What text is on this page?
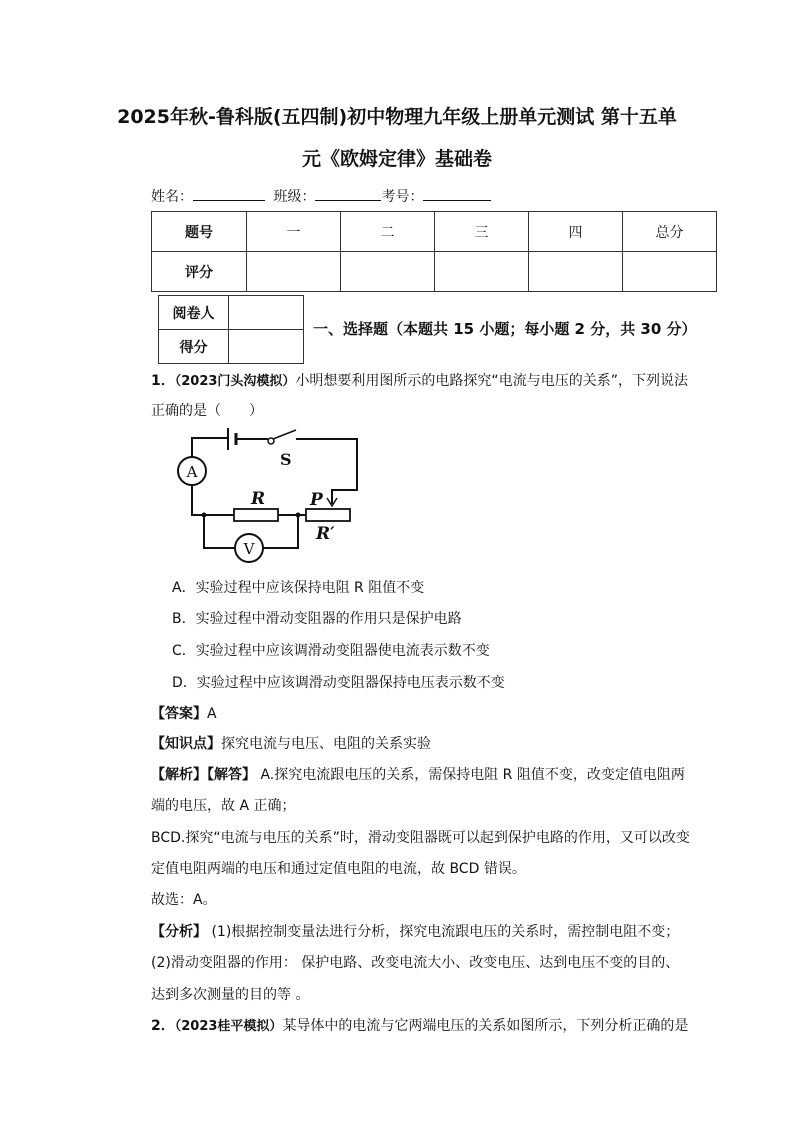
2025年秋-鲁科版(五四制)初中物理九年级上册单元测试 第十五单
元《欧姆定律》基础卷
姓名：	班级：	考号：
题号	一	二	三	四	总分
评分					
阅卷人	
得分	
一、选择题（本题共 15 小题；每小题 2 分，共 30 分）
1．（2023门头沟模拟）小明想要利用图所示的电路探究“电流与电压的关系”，下列说法
正确的是（　　）
A
V
S
R	P
R′
A．实验过程中应该保持电阻 R 阻值不变
B．实验过程中滑动变阻器的作用只是保护电路
C．实验过程中应该调滑动变阻器使电流表示数不变
D．实验过程中应该调滑动变阻器保持电压表示数不变
【答案】A
【知识点】探究电流与电压、电阻的关系实验
【解析】【解答】 A.探究电流跟电压的关系，需保持电阻 R 阻值不变，改变定值电阻两
端的电压，故 A 正确；
BCD.探究“电流与电压的关系”时，滑动变阻器既可以起到保护电路的作用，又可以改变
定值电阻两端的电压和通过定值电阻的电流，故 BCD 错误。
故选：A。
【分析】 (1)根据控制变量法进行分析，探究电流跟电压的关系时，需控制电阻不变；
(2)滑动变阻器的作用： 保护电路、改变电流大小、改变电压、达到电压不变的目的、
达到多次测量的目的等 。
2．（2023桂平模拟）某导体中的电流与它两端电压的关系如图所示，下列分析正确的是
